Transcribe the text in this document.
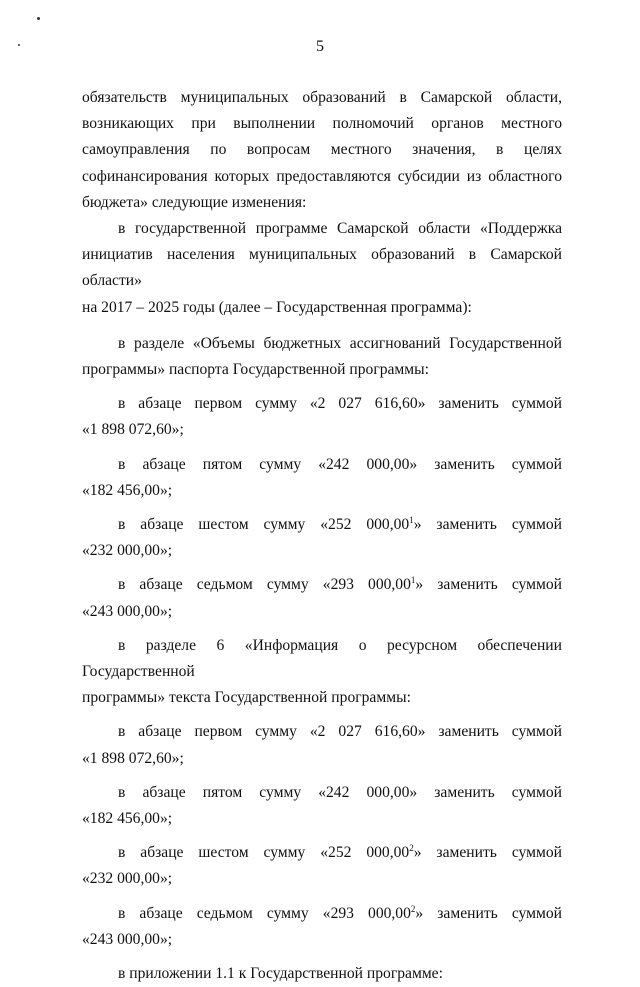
5
обязательств муниципальных образований в Самарской области,
возникающих при выполнении полномочий органов местного
самоуправления по вопросам местного значения, в целях
софинансирования которых предоставляются субсидии из областного
бюджета» следующие изменения:
в государственной программе Самарской области «Поддержка
инициатив населения муниципальных образований в Самарской области»
на 2017 – 2025 годы (далее – Государственная программа):
в разделе «Объемы бюджетных ассигнований Государственной
программы» паспорта Государственной программы:
в абзаце первом сумму «2 027 616,60» заменить суммой
«1 898 072,60»;
в абзаце пятом сумму «242 000,00» заменить суммой
«182 456,00»;
в абзаце шестом сумму «252 000,00$^1$» заменить суммой
«232 000,00»;
в абзаце седьмом сумму «293 000,00$^1$» заменить суммой
«243 000,00»;
в разделе 6 «Информация о ресурсном обеспечении Государственной
программы» текста Государственной программы:
в абзаце первом сумму «2 027 616,60» заменить суммой
«1 898 072,60»;
в абзаце пятом сумму «242 000,00» заменить суммой
«182 456,00»;
в абзаце шестом сумму «252 000,00$^2$» заменить суммой
«232 000,00»;
в абзаце седьмом сумму «293 000,00$^2$» заменить суммой
«243 000,00»;
в приложении 1.1 к Государственной программе:
